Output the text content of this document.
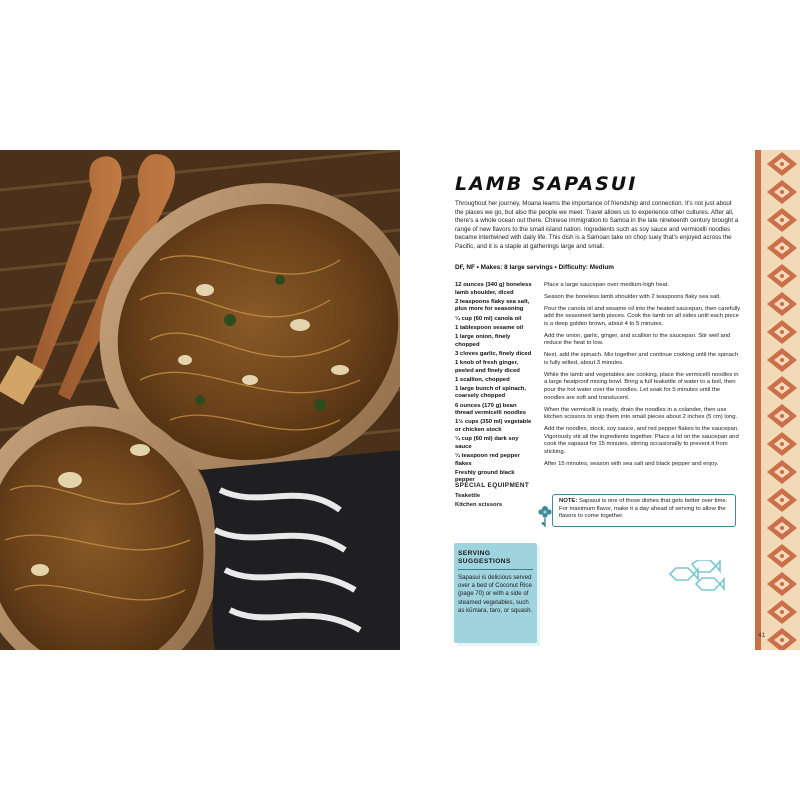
LAMB SAPASUI

Throughout her journey, Moana learns the importance of friendship and connection. It's not just about the places we go, but also the people we meet. Travel allows us to experience other cultures. After all, there's a whole ocean out there. Chinese immigration to Samoa in the late nineteenth century brought a range of new flavors to the small island nation. Ingredients such as soy sauce and vermicelli noodles became intertwined with daily life. This dish is a Samoan take on chop suey that's enjoyed across the Pacific, and it is a staple at gatherings large and small.

DF, NF • Makes: 8 large servings • Difficulty: Medium
12 ounces (340 g) boneless lamb shoulder, diced
2 teaspoons flaky sea salt, plus more for seasoning
¼ cup (60 ml) canola oil
1 tablespoon sesame oil
1 large onion, finely chopped
3 cloves garlic, finely diced
1 knob of fresh ginger, peeled and finely diced
1 scallion, chopped
1 large bunch of spinach, coarsely chopped
6 ounces (170 g) bean thread vermicelli noodles
1½ cups (350 ml) vegetable or chicken stock
¼ cup (60 ml) dark soy sauce
¼ teaspoon red pepper flakes
Freshly ground black pepper
SPECIAL EQUIPMENT
Teakettle
Kitchen scissors

Place a large saucepan over medium-high heat.

Season the boneless lamb shoulder with 2 teaspoons flaky sea salt.

Pour the canola oil and sesame oil into the heated saucepan, then carefully add the seasoned lamb pieces. Cook the lamb on all sides until each piece is a deep golden brown, about 4 to 5 minutes.

Add the onion, garlic, ginger, and scallion to the saucepan. Stir well and reduce the heat to low.

Next, add the spinach. Mix together and continue cooking until the spinach is fully wilted, about 3 minutes.

While the lamb and vegetables are cooking, place the vermicelli noodles in a large heatproof mixing bowl. Bring a full teakettle of water to a boil, then pour the hot water over the noodles. Let soak for 5 minutes until the noodles are soft and translucent.

When the vermicelli is ready, drain the noodles in a colander, then use kitchen scissors to snip them into small pieces about 2 inches (5 cm) long.

Add the noodles, stock, soy sauce, and red pepper flakes to the saucepan. Vigorously stir all the ingredients together. Place a lid on the saucepan and cook the sapasui for 15 minutes, stirring occasionally to prevent it from sticking.

After 15 minutes, season with sea salt and black pepper and enjoy.

NOTE: Sapasui is one of those dishes that gets better over time. For maximum flavor, make it a day ahead of serving to allow the flavors to come together.
SERVING SUGGESTIONS

Sapasui is delicious served over a bed of Coconut Rice (page 70) or with a side of steamed vegetables, such as kūmara, taro, or squash.

41
